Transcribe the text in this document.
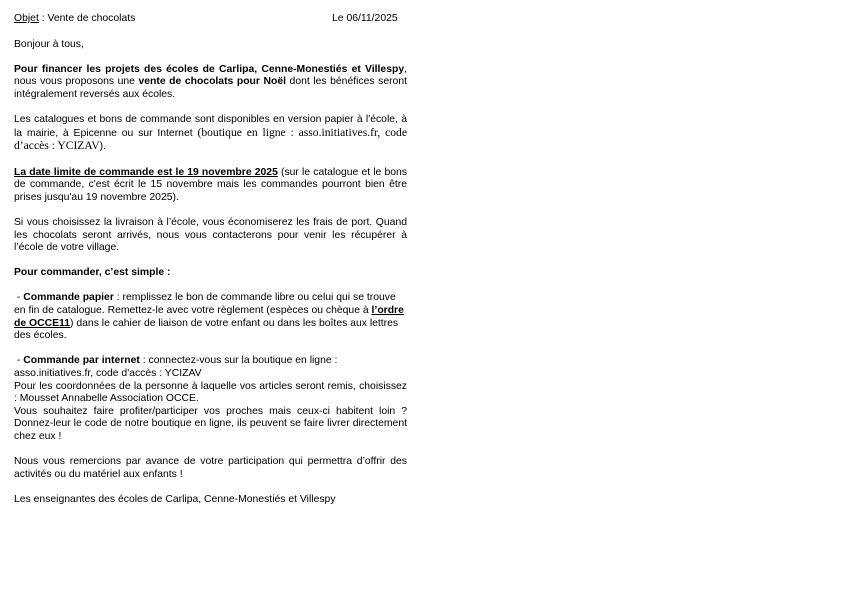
Objet : Vente de chocolats	Le 06/11/2025

Bonjour à tous,

Pour financer les projets des écoles de Carlipa, Cenne-Monestiés et Villespy, nous vous proposons une vente de chocolats pour Noël dont les bénéfices seront intégralement reversés aux écoles.

Les catalogues et bons de commande sont disponibles en version papier à l'école, à la mairie, à Epicenne ou sur Internet (boutique en ligne : asso.initiatives.fr, code d’accès : YCIZAV).

La date limite de commande est le 19 novembre 2025 (sur le catalogue et le bons de commande, c'est écrit le 15 novembre mais les commandes pourront bien être prises jusqu'au 19 novembre 2025).

Si vous choisissez la livraison à l’école, vous économiserez les frais de port. Quand les chocolats seront arrivés, nous vous contacterons pour venir les récupérer à l’école de votre village.

Pour commander, c’est simple :

- Commande papier : remplissez le bon de commande libre ou celui qui se trouve en fin de catalogue. Remettez-le avec votre règlement (espèces ou chèque à l’ordre de OCCE11) dans le cahier de liaison de votre enfant ou dans les boîtes aux lettres des écoles.

- Commande par internet : connectez-vous sur la boutique en ligne :

asso.initiatives.fr, code d'accès : YCIZAV

Pour les coordonnées de la personne à laquelle vos articles seront remis, choisissez : Mousset Annabelle Association OCCE.

Vous souhaitez faire profiter/participer vos proches mais ceux-ci habitent loin ? Donnez-leur le code de notre boutique en ligne, ils peuvent se faire livrer directement chez eux !

Nous vous remercions par avance de votre participation qui permettra d’offrir des activités ou du matériel aux enfants !

Les enseignantes des écoles de Carlipa, Cenne-Monestiés et Villespy
